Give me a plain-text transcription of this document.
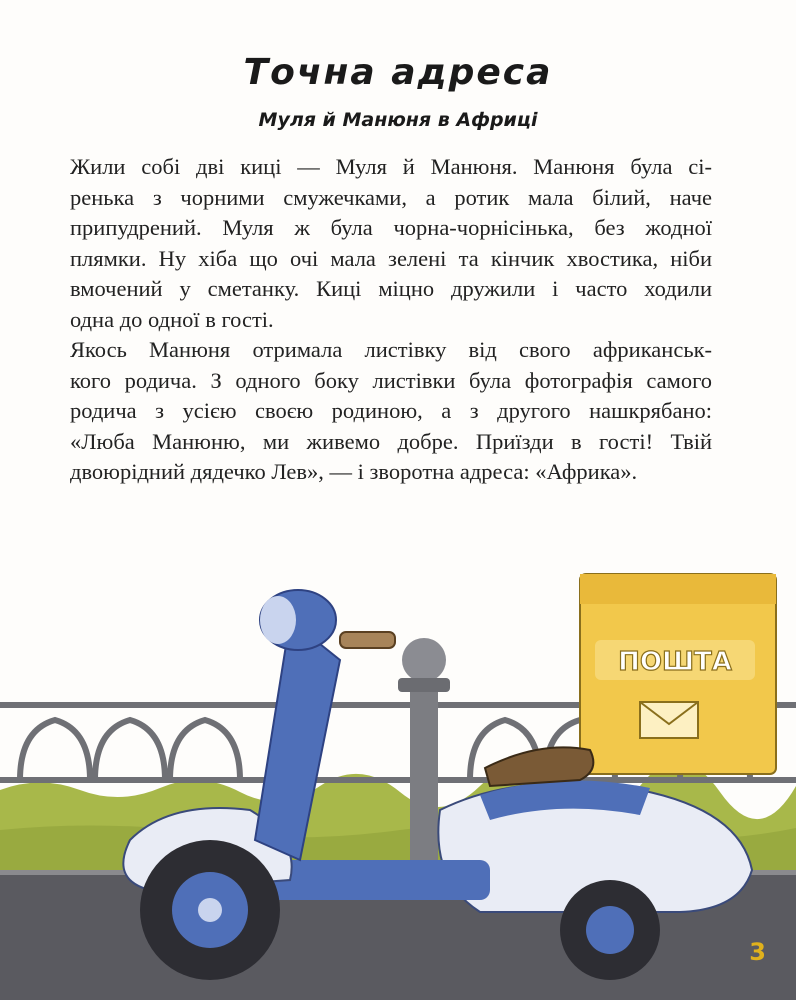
Точна адреса
Муля й Манюня в Африці

Жили собі дві киці — Муля й Манюня. Манюня була сі-
ренька з чорними смужечками, а ротик мала білий, наче
припудрений. Муля ж була чорна-чорнісінька, без жодної
плямки. Ну хіба що очі мала зелені та кінчик хвостика, ніби
вмочений у сметанку. Киці міцно дружили і часто ходили
одна до одної в гості.

Якось Манюня отримала листівку від свого африканськ-
кого родича. З одного боку листівки була фотографія самого
родича з усією своєю родиною, а з другого нашкрябано:
«Люба Манюню, ми живемо добре. Приїзди в гості! Твій
двоюрідний дядечко Лев», — і зворотна адреса: «Африка».

ПОШТА
3
